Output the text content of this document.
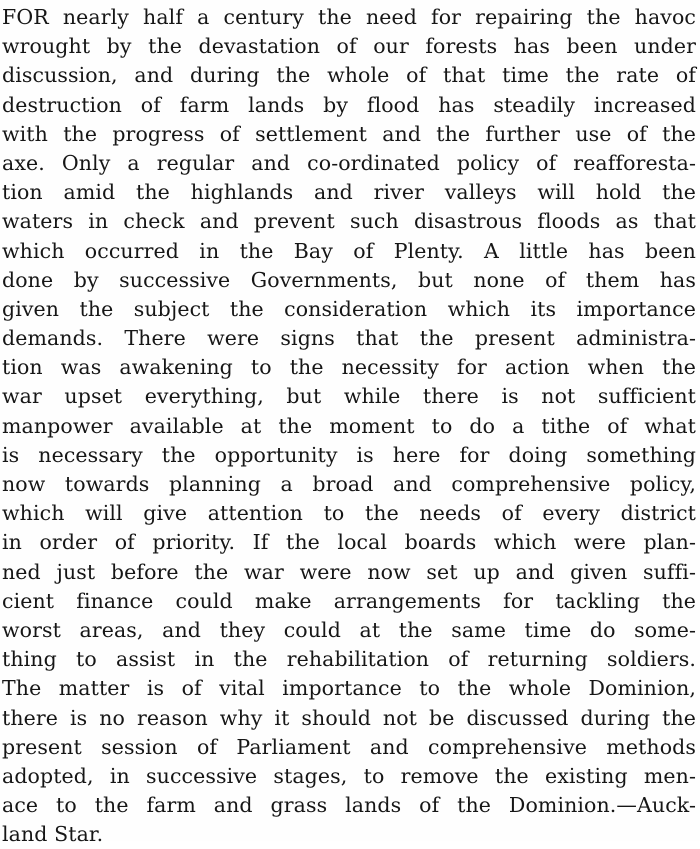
FOR nearly half a century the need for repairing the havoc
wrought by the devastation of our forests has been under
discussion, and during the whole of that time the rate of
destruction of farm lands by flood has steadily increased
with the progress of settlement and the further use of the
axe. Only a regular and co-ordinated policy of reafforesta-
tion amid the highlands and river valleys will hold the
waters in check and prevent such disastrous floods as that
which occurred in the Bay of Plenty. A little has been
done by successive Governments, but none of them has
given the subject the consideration which its importance
demands. There were signs that the present administra-
tion was awakening to the necessity for action when the
war upset everything, but while there is not sufficient
manpower available at the moment to do a tithe of what
is necessary the opportunity is here for doing something
now towards planning a broad and comprehensive policy,
which will give attention to the needs of every district
in order of priority. If the local boards which were plan-
ned just before the war were now set up and given suffi-
cient finance could make arrangements for tackling the
worst areas, and they could at the same time do some-
thing to assist in the rehabilitation of returning soldiers.
The matter is of vital importance to the whole Dominion,
there is no reason why it should not be discussed during the
present session of Parliament and comprehensive methods
adopted, in successive stages, to remove the existing men-
ace to the farm and grass lands of the Dominion.—Auck-
land Star.
